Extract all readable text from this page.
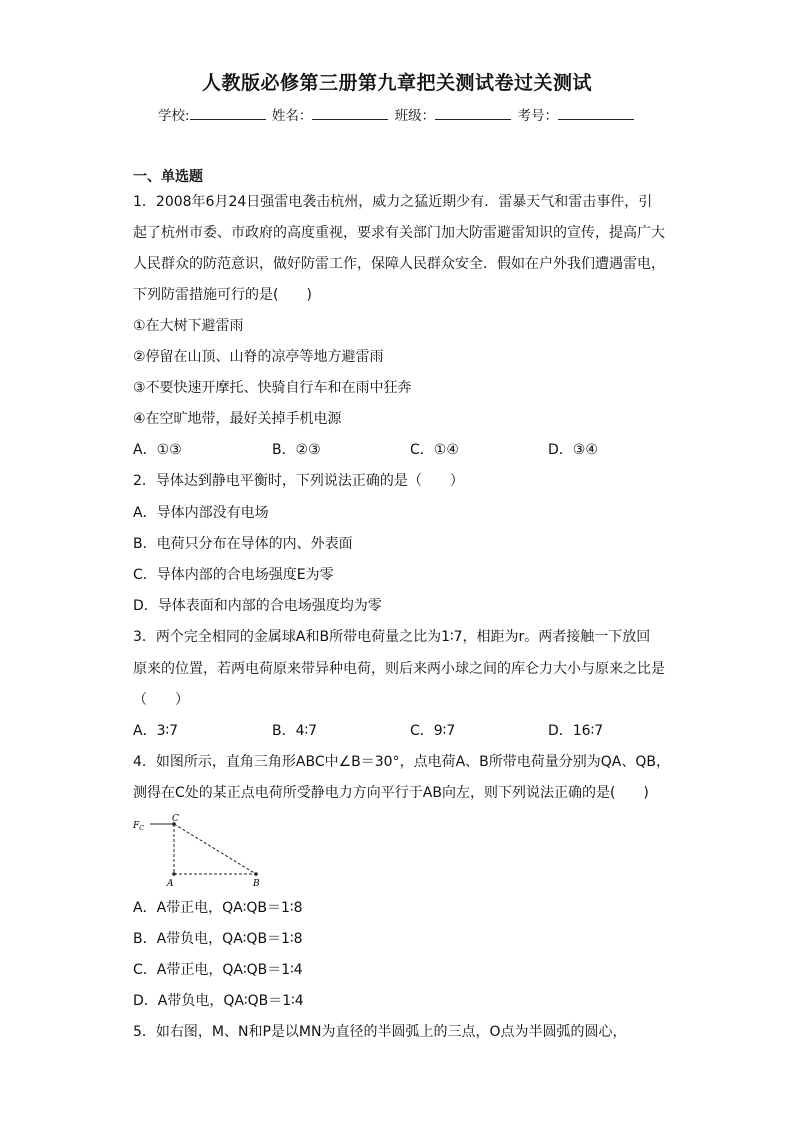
人教版必修第三册第九章把关测试卷过关测试
学校:	姓名：	班级：	考号：
一、单选题
1．2008年6月24日强雷电袭击杭州，威力之猛近期少有．雷暴天气和雷击事件，引
起了杭州市委、市政府的高度重视，要求有关部门加大防雷避雷知识的宣传，提高广大
人民群众的防范意识，做好防雷工作，保障人民群众安全．假如在户外我们遭遇雷电，
下列防雷措施可行的是(　　)
①在大树下避雷雨
②停留在山顶、山脊的凉亭等地方避雷雨
③不要快速开摩托、快骑自行车和在雨中狂奔
④在空旷地带，最好关掉手机电源
A．①③	B．②③	C．①④	D．③④
2．导体达到静电平衡时，下列说法正确的是（　　）
A．导体内部没有电场
B．电荷只分布在导体的内、外表面
C．导体内部的合电场强度E为零
D．导体表面和内部的合电场强度均为零
3．两个完全相同的金属球A和B所带电荷量之比为1∶7，相距为r。两者接触一下放回
原来的位置，若两电荷原来带异种电荷，则后来两小球之间的库仑力大小与原来之比是
（　　）
A．3∶7	B．4∶7	C．9∶7	D．16∶7
4．如图所示，直角三角形ABC中∠B＝30°，点电荷A、B所带电荷量分别为QA、QB，
测得在C处的某正点电荷所受静电力方向平行于AB向左，则下列说法正确的是(　　)
$F_C$
C
A	B
A．A带正电，QA∶QB＝1∶8
B．A带负电，QA∶QB＝1∶8
C．A带正电，QA∶QB＝1∶4
D．A带负电，QA∶QB＝1∶4
5．如右图，M、N和P是以MN为直径的半圆弧上的三点，O点为半圆弧的圆心，
